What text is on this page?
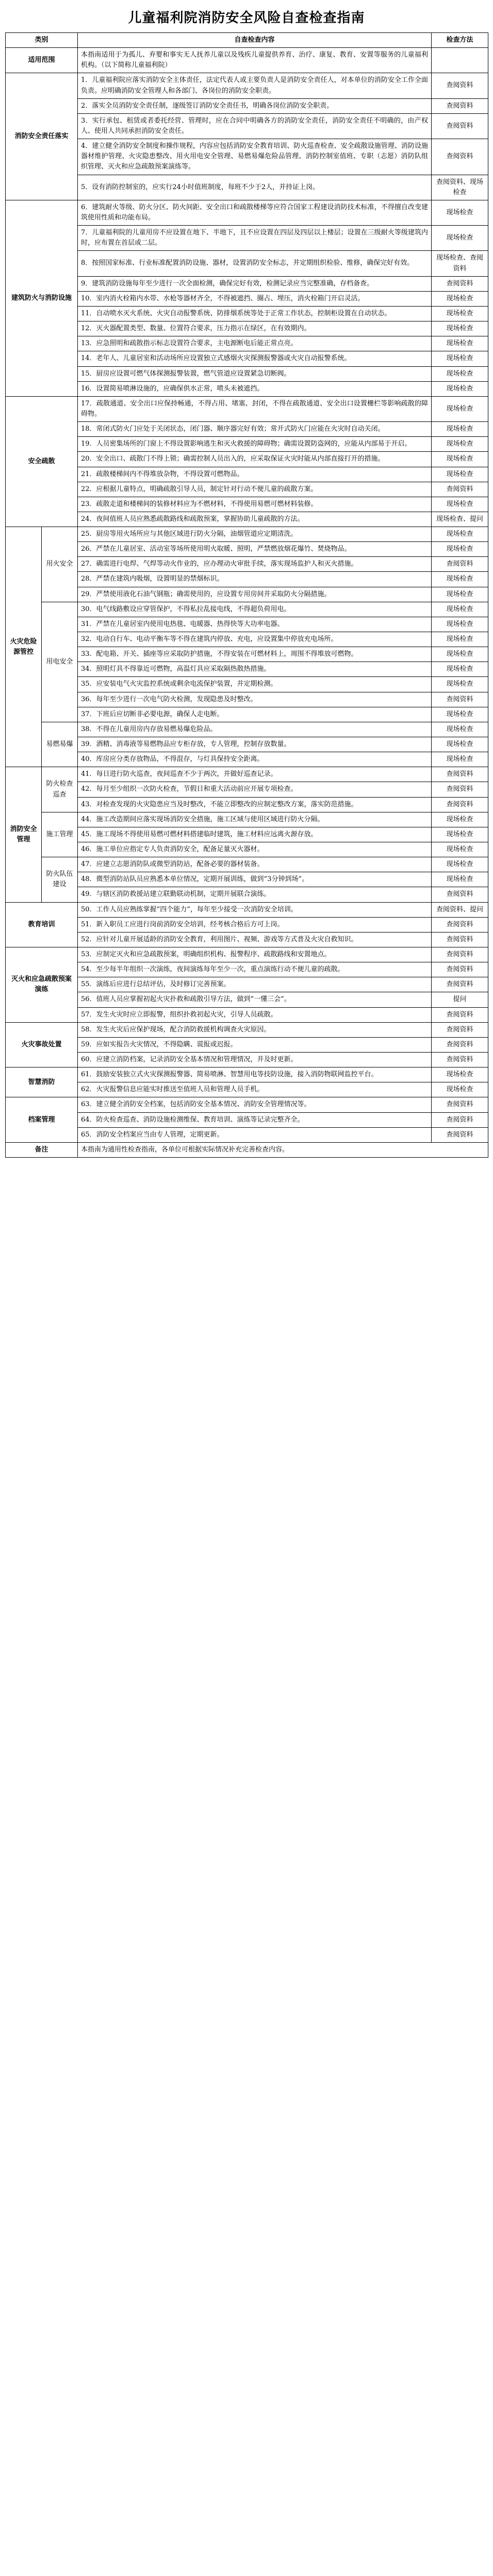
儿童福利院消防安全风险自查检查指南
类别		自查检查内容	检查方法
适用范围		本指南适用于为孤儿、弃婴和事实无人抚养儿童以及残疾儿童提供养育、治疗、康复、教育、安置等服务的儿童福利机构。（以下简称儿童福利院）	
消防安全责任落实		1．儿童福利院应落实消防安全主体责任，法定代表人或主要负责人是消防安全责任人，对本单位的消防安全工作全面负责。应明确消防安全管理人和各部门、各岗位的消防安全职责。	查阅资料
		2．落实全员消防安全责任制，逐级签订消防安全责任书，明确各岗位消防安全职责。	查阅资料
		3．实行承包、租赁或者委托经营、管理时，应在合同中明确各方的消防安全责任，消防安全责任不明确的，由产权人、使用人共同承担消防安全责任。	查阅资料
		4．建立健全消防安全制度和操作规程，内容应包括消防安全教育培训、防火巡查检查、安全疏散设施管理、消防设施器材维护管理、火灾隐患整改、用火用电安全管理、易燃易爆危险品管理、消防控制室值班、专职（志愿）消防队组织管理、灭火和应急疏散预案演练等。	查阅资料
		5．设有消防控制室的，应实行24小时值班制度，每班不少于2人，并持证上岗。	查阅资料、现场检查
建筑防火与消防设施		6．建筑耐火等级、防火分区、防火间距、安全出口和疏散楼梯等应符合国家工程建设消防技术标准，不得擅自改变建筑使用性质和功能布局。	现场检查
		7．儿童福利院的儿童用房不应设置在地下、半地下，且不应设置在四层及四层以上楼层；设置在三级耐火等级建筑内时，应布置在首层或二层。	现场检查
		8．按照国家标准、行业标准配置消防设施、器材，设置消防安全标志，并定期组织检验、维修，确保完好有效。	现场检查、查阅资料
		9．建筑消防设施每年至少进行一次全面检测，确保完好有效，检测记录应当完整准确，存档备查。	查阅资料
		10．室内消火栓箱内水带、水枪等器材齐全，不得被遮挡、圈占、埋压，消火栓箱门开启灵活。	现场检查
		11．自动喷水灭火系统、火灾自动报警系统、防排烟系统等处于正常工作状态，控制柜设置在自动状态。	现场检查
		12．灭火器配置类型、数量、位置符合要求，压力指示在绿区，在有效期内。	现场检查
		13．应急照明和疏散指示标志设置符合要求，主电源断电后能正常点亮。	现场检查
		14．老年人、儿童居室和活动场所应设置独立式感烟火灾探测报警器或火灾自动报警系统。	现场检查
		15．厨房应设置可燃气体探测报警装置，燃气管道应设置紧急切断阀。	现场检查
		16．设置简易喷淋设施的，应确保供水正常，喷头未被遮挡。	现场检查
安全疏散		17．疏散通道、安全出口应保持畅通，不得占用、堵塞、封闭，不得在疏散通道、安全出口设置栅栏等影响疏散的障碍物。	现场检查
		18．常闭式防火门应处于关闭状态，闭门器、顺序器完好有效；常开式防火门应能在火灾时自动关闭。	现场检查
		19．人员密集场所的门窗上不得设置影响逃生和灭火救援的障碍物；确需设置防盗网的，应能从内部易于开启。	现场检查
		20．安全出口、疏散门不得上锁；确需控制人员出入的，应采取保证火灾时能从内部直接打开的措施。	现场检查
		21．疏散楼梯间内不得堆放杂物，不得设置可燃物品。	现场检查
		22．应根据儿童特点，明确疏散引导人员，制定针对行动不便儿童的疏散方案。	查阅资料
		23．疏散走道和楼梯间的装修材料应为不燃材料，不得使用易燃可燃材料装修。	现场检查
		24．夜间值班人员应熟悉疏散路线和疏散预案，掌握协助儿童疏散的方法。	现场检查、提问
火灾危险源管控	用火安全	25．厨房等用火场所应与其他区域进行防火分隔，油烟管道应定期清洗。	现场检查
		26．严禁在儿童居室、活动室等场所使用明火取暖、照明，严禁燃放烟花爆竹、焚烧物品。	现场检查
		27．确需进行电焊、气焊等动火作业的，应办理动火审批手续，落实现场监护人和灭火措施。	查阅资料
		28．严禁在建筑内吸烟，设置明显的禁烟标识。	现场检查
		29．严禁使用液化石油气钢瓶；确需使用的，应设置专用房间并采取防火分隔措施。	现场检查
	用电安全	30．电气线路敷设应穿管保护，不得私拉乱接电线，不得超负荷用电。	现场检查
		31．严禁在儿童居室内使用电热毯、电暖器、热得快等大功率电器。	现场检查
		32．电动自行车、电动平衡车等不得在建筑内停放、充电，应设置集中停放充电场所。	现场检查
		33．配电箱、开关、插座等应采取防护措施，不得安装在可燃材料上，周围不得堆放可燃物。	现场检查
		34．照明灯具不得靠近可燃物，高温灯具应采取隔热散热措施。	现场检查
		35．应安装电气火灾监控系统或剩余电流保护装置，并定期检测。	现场检查
		36．每年至少进行一次电气防火检测，发现隐患及时整改。	查阅资料
		37．下班后应切断非必要电源，确保人走电断。	现场检查
	易燃易爆	38．不得在儿童用房内存放易燃易爆危险品。	现场检查
		39．酒精、消毒液等易燃物品应专柜存放，专人管理，控制存放数量。	现场检查
		40．库房应分类存放物品，不得混存，与灯具保持安全距离。	现场检查
消防安全管理	防火检查巡查	41．每日进行防火巡查，夜间巡查不少于两次，并做好巡查记录。	查阅资料
		42．每月至少组织一次防火检查，节假日和重大活动前应开展专项检查。	查阅资料
		43．对检查发现的火灾隐患应当及时整改，不能立即整改的应制定整改方案，落实防范措施。	查阅资料
	施工管理	44．施工改造期间应落实现场消防安全措施，施工区域与使用区域进行防火分隔。	现场检查
		45．施工现场不得使用易燃可燃材料搭建临时建筑，施工材料应远离火源存放。	现场检查
		46．施工单位应指定专人负责消防安全，配备足量灭火器材。	现场检查
	防火队伍建设	47．应建立志愿消防队或微型消防站，配备必要的器材装备。	现场检查
		48．微型消防站队员应熟悉本单位情况，定期开展训练，做到“3分钟到场”。	现场检查
		49．与辖区消防救援站建立联勤联动机制，定期开展联合演练。	查阅资料
教育培训		50．工作人员应熟练掌握“四个能力”，每年至少接受一次消防安全培训。	查阅资料、提问
		51．新入职员工应进行岗前消防安全培训，经考核合格后方可上岗。	查阅资料
		52．应针对儿童开展适龄的消防安全教育，利用图片、视频、游戏等方式普及火灾自救知识。	查阅资料
灭火和应急疏散预案演练		53．应制定灭火和应急疏散预案，明确组织机构、报警程序、疏散路线和安置地点。	查阅资料
		54．至少每半年组织一次演练，夜间演练每年至少一次，重点演练行动不便儿童的疏散。	查阅资料
		55．演练后应进行总结评估，及时修订完善预案。	查阅资料
		56．值班人员应掌握初起火灾扑救和疏散引导方法，做到“一懂三会”。	提问
		57．发生火灾时应立即报警，组织扑救初起火灾，引导人员疏散。	查阅资料
火灾事故处置		58．发生火灾后应保护现场，配合消防救援机构调查火灾原因。	查阅资料
		59．应如实报告火灾情况，不得隐瞒、谎报或迟报。	查阅资料
		60．应建立消防档案，记录消防安全基本情况和管理情况，并及时更新。	查阅资料
智慧消防		61．鼓励安装独立式火灾探测报警器、简易喷淋、智慧用电等技防设施，接入消防物联网监控平台。	现场检查
		62．火灾报警信息应能实时推送至值班人员和管理人员手机。	现场检查
档案管理		63．建立健全消防安全档案，包括消防安全基本情况、消防安全管理情况等。	查阅资料
		64．防火检查巡查、消防设施检测维保、教育培训、演练等记录完整齐全。	查阅资料
		65．消防安全档案应当由专人管理，定期更新。	查阅资料
备注		本指南为通用性检查指南，各单位可根据实际情况补充完善检查内容。	
